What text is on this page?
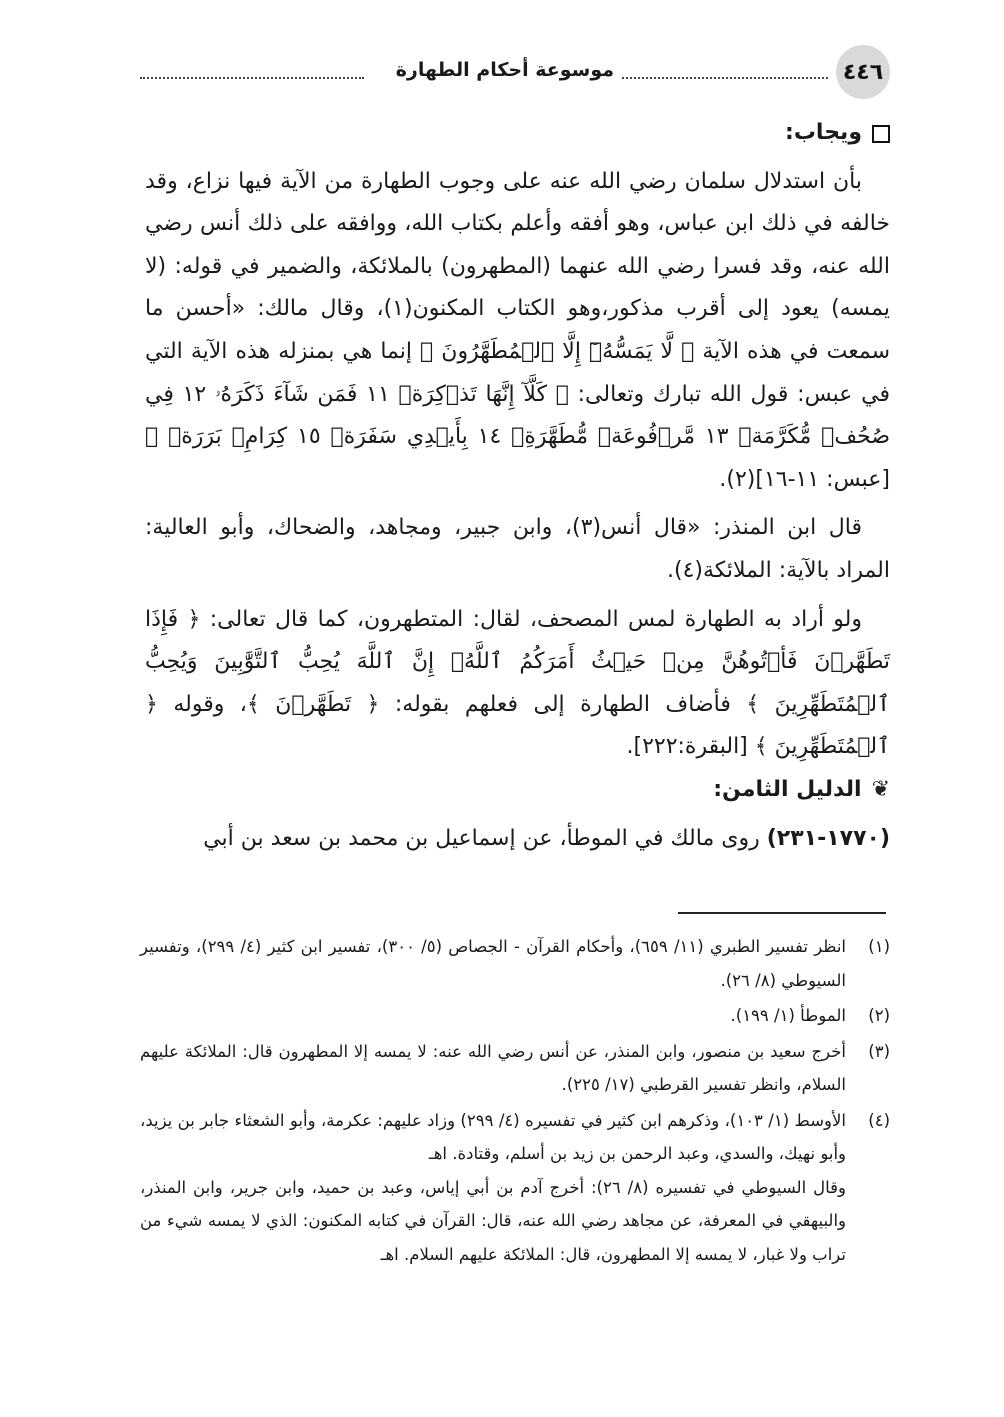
٤٤٦
موسوعة أحكام الطهارة
ويجاب:

بأن استدلال سلمان رضي الله عنه على وجوب الطهارة من الآية فيها نزاع، وقد خالفه في ذلك ابن عباس، وهو أفقه وأعلم بكتاب الله، ووافقه على ذلك أنس رضي الله عنه، وقد فسرا رضي الله عنهما (المطهرون) بالملائكة، والضمير في قوله: (لا يمسه) يعود إلى أقرب مذكور،وهو الكتاب المكنون(١)، وقال مالك: «أحسن ما سمعت في هذه الآية ﴿ لَّا يَمَسُّهُۥٓ إِلَّا ٱلۡمُطَهَّرُونَ ﴾ إنما هي بمنزله هذه الآية التي في عبس: قول الله تبارك وتعالى: ﴿ كَلَّآ إِنَّهَا تَذۡكِرَةٞ ١١ فَمَن شَآءَ ذَكَرَهُۥ ١٢ فِي صُحُفٖ مُّكَرَّمَةٖ ١٣ مَّرۡفُوعَةٖ مُّطَهَّرَةِۭ ١٤ بِأَيۡدِي سَفَرَةٖ ١٥ كِرَامِۭ بَرَرَةٖ ﴾ [عبس: ١١-١٦](٢).

قال ابن المنذر: «قال أنس(٣)، وابن جبير، ومجاهد، والضحاك، وأبو العالية: المراد بالآية: الملائكة(٤).

ولو أراد به الطهارة لمس المصحف، لقال: المتطهرون، كما قال تعالى: ﴿ فَإِذَا تَطَهَّرۡنَ فَأۡتُوهُنَّ مِنۡ حَيۡثُ أَمَرَكُمُ ٱللَّهُۚ إِنَّ ٱللَّهَ يُحِبُّ ٱلتَّوَّٰبِينَ وَيُحِبُّ ٱلۡمُتَطَهِّرِينَ ﴾ فأضاف الطهارة إلى فعلهم بقوله: ﴿ تَطَهَّرۡنَ ﴾، وقوله ﴿ ٱلۡمُتَطَهِّرِينَ ﴾ [البقرة:٢٢٢].

❦
الدليل الثامن:

(١٧٧٠-٢٣١) روى مالك في الموطأ، عن إسماعيل بن محمد بن سعد بن أبي

(١)
انظر تفسير الطبري (١١/ ٦٥٩)، وأحكام القرآن - الجصاص (٥/ ٣٠٠)، تفسير ابن كثير (٤/ ٢٩٩)، وتفسير السيوطي (٨/ ٢٦).
(٢)
الموطأ (١/ ١٩٩).
(٣)
أخرج سعيد بن منصور، وابن المنذر، عن أنس رضي الله عنه: لا يمسه إلا المطهرون قال: الملائكة عليهم السلام، وانظر تفسير القرطبي (١٧/ ٢٢٥).
(٤)
الأوسط (١/ ١٠٣)، وذكرهم ابن كثير في تفسيره (٤/ ٢٩٩) وزاد عليهم: عكرمة، وأبو الشعثاء جابر بن يزيد، وأبو نهيك، والسدي، وعبد الرحمن بن زيد بن أسلم، وقتادة. اهـ
وقال السيوطي في تفسيره (٨/ ٢٦): أخرج آدم بن أبي إياس، وعبد بن حميد، وابن جرير، وابن المنذر، والبيهقي في المعرفة، عن مجاهد رضي الله عنه، قال: القرآن في كتابه المكنون: الذي لا يمسه شيء من تراب ولا غبار، لا يمسه إلا المطهرون، قال: الملائكة عليهم السلام. اهـ
